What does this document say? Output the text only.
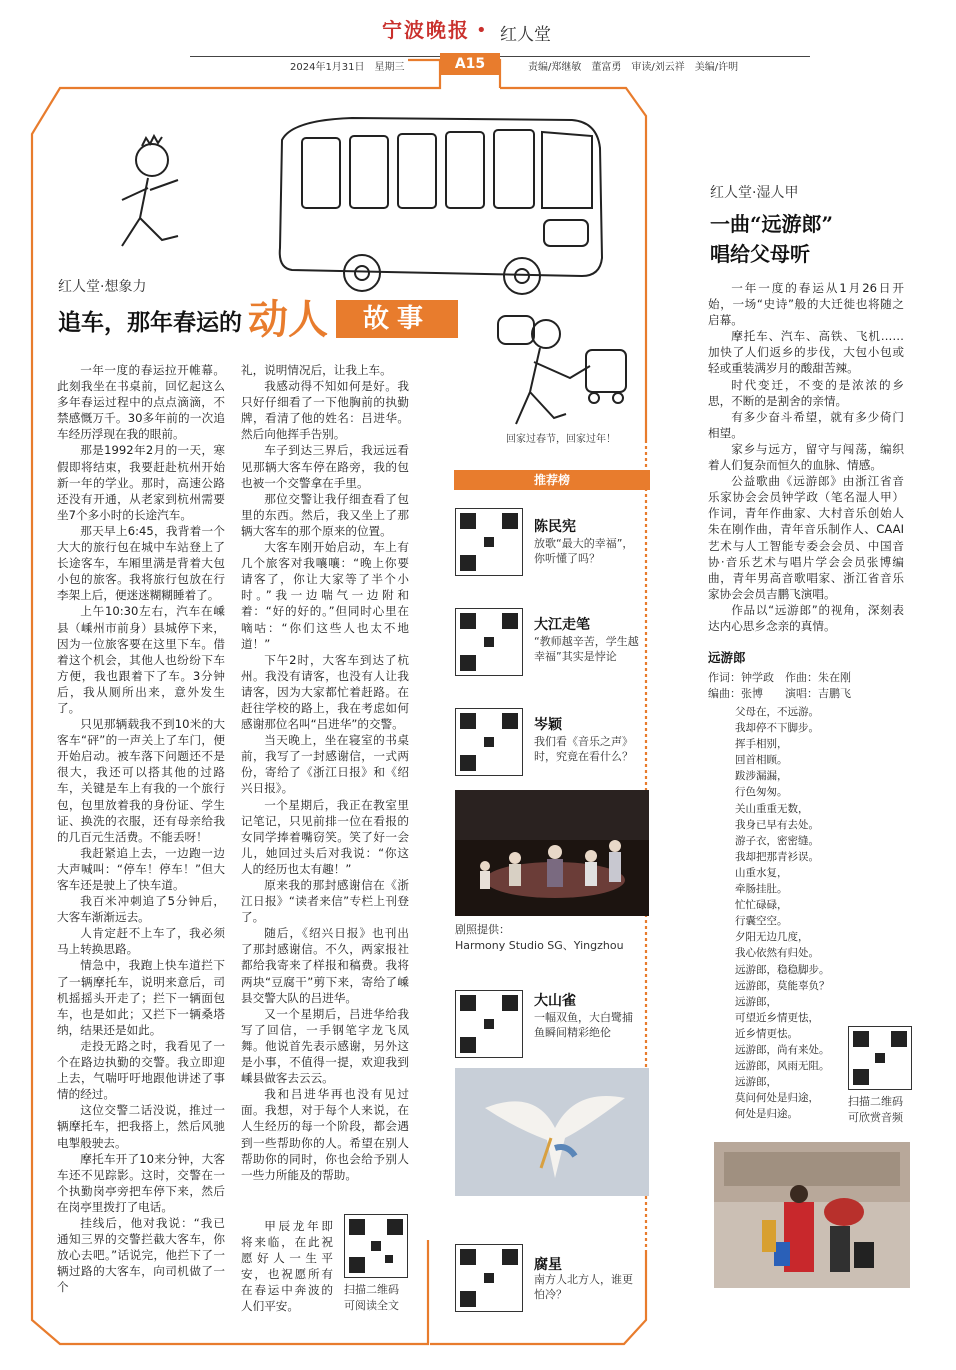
宁波晚报 • 红人堂
2024年1月31日　星期三	A15	责编/郑继敏　董富勇　审读/刘云祥　美编/许明
回家过春节，回家过年！
红人堂·想象力
追车，那年春运的 动人	故事

一年一度的春运拉开帷幕。此刻我坐在书桌前，回忆起这么多年春运过程中的点点滴滴，不禁感慨万千。30多年前的一次追车经历浮现在我的眼前。

那是1992年2月的一天，寒假即将结束，我要赶赴杭州开始新一年的学业。那时，高速公路还没有开通，从老家到杭州需要坐7个多小时的长途汽车。

那天早上6:45，我背着一个大大的旅行包在城中车站登上了长途客车，车厢里满是背着大包小包的旅客。我将旅行包放在行李架上后，便迷迷糊糊睡着了。

上午10:30左右，汽车在嵊县（嵊州市前身）县城停下来，因为一位旅客要在这里下车。借着这个机会，其他人也纷纷下车方便，我也跟着下了车。3分钟后，我从厕所出来，意外发生了。

只见那辆载我不到10米的大客车“砰”的一声关上了车门，便开始启动。被车落下问题还不是很大，我还可以搭其他的过路车，关键是车上有我的一个旅行包，包里放着我的身份证、学生证、换洗的衣服，还有母亲给我的几百元生活费。不能丢呀！

我赶紧追上去，一边跑一边大声喊叫：“停车！停车！”但大客车还是驶上了快车道。

我百米冲刺追了5分钟后，大客车渐渐远去。

人肯定赶不上车了，我必须马上转换思路。

情急中，我跑上快车道拦下了一辆摩托车，说明来意后，司机摇摇头开走了；拦下一辆面包车，也是如此；又拦下一辆桑塔纳，结果还是如此。

走投无路之时，我看见了一个在路边执勤的交警。我立即迎上去，气喘吁吁地跟他讲述了事情的经过。

这位交警二话没说，推过一辆摩托车，把我搭上，然后风驰电掣般驶去。

摩托车开了10来分钟，大客车还不见踪影。这时，交警在一个执勤岗亭旁把车停下来，然后在岗亭里拨打了电话。

挂线后，他对我说：“我已通知三界的交警拦截大客车，你放心去吧。”话说完，他拦下了一辆过路的大客车，向司机做了一个

礼，说明情况后，让我上车。

我感动得不知如何是好。我只好仔细看了一下他胸前的执勤牌，看清了他的姓名：吕进华。然后向他挥手告别。

车子到达三界后，我远远看见那辆大客车停在路旁，我的包也被一个交警拿在手里。

那位交警让我仔细查看了包里的东西。然后，我又坐上了那辆大客车的那个原来的位置。

大客车刚开始启动，车上有几个旅客对我嚷嚷：“晚上你要请客了，你让大家等了半个小时。”我一边喘气一边附和着：“好的好的。”但同时心里在嘀咕：“你们这些人也太不地道！”

下午2时，大客车到达了杭州。我没有请客，也没有人让我请客，因为大家都忙着赶路。在赶往学校的路上，我在考虑如何感谢那位名叫“吕进华”的交警。

当天晚上，坐在寝室的书桌前，我写了一封感谢信，一式两份，寄给了《浙江日报》和《绍兴日报》。

一个星期后，我正在教室里记笔记，只见前排一位在看报的女同学捧着嘴窃笑。笑了好一会儿，她回过头后对我说：“你这人的经历也太有趣！”

原来我的那封感谢信在《浙江日报》“读者来信”专栏上刊登了。

随后，《绍兴日报》也刊出了那封感谢信。不久，两家报社都给我寄来了样报和稿费。我将两块“豆腐干”剪下来，寄给了嵊县交警大队的吕进华。

又一个星期后，吕进华给我写了回信，一手钢笔字龙飞凤舞。他说首先表示感谢，另外这是小事，不值得一提，欢迎我到嵊县做客去云云。

我和吕进华再也没有见过面。我想，对于每个人来说，在人生经历的每一个阶段，都会遇到一些帮助你的人。希望在别人帮助你的同时，你也会给予别人一些力所能及的帮助。

甲辰龙年即将来临，在此祝愿好人一生平安，也祝愿所有在春运中奔波的人们平安。

扫描二维码
可阅读全文
推荐榜
陈民宪
放歌“最大的幸福”，你听懂了吗？
大江走笔
“教师越辛苦，学生越幸福”其实是悖论
岑颖
我们看《音乐之声》时，究竟在看什么？
剧照提供：
Harmony Studio SG、Yingzhou
大山雀
一幅双鱼，大白鹭捕鱼瞬间精彩绝伦
腐星
南方人北方人，谁更怕冷？
红人堂·湿人甲
一曲“远游郎”
唱给父母听

一年一度的春运从1月26日开始，一场“史诗”般的大迁徙也将随之启幕。

摩托车、汽车、高铁、飞机……加快了人们返乡的步伐，大包小包或轻或重装满岁月的酸甜苦辣。

时代变迁，不变的是浓浓的乡思，不断的是割舍的亲情。

有多少奋斗希望，就有多少倚门相望。

家乡与远方，留守与闯荡，编织着人们复杂而恒久的血脉、情感。

公益歌曲《远游郎》由浙江省音乐家协会会员钟学政（笔名湿人甲）作词，青年作曲家、大村音乐创始人朱在刚作曲，青年音乐制作人、CAAI艺术与人工智能专委会会员、中国音协·音乐艺术与唱片学会会员张博编曲，青年男高音歌唱家、浙江省音乐家协会会员吉鹏飞演唱。

作品以“远游郎”的视角，深刻表达内心思乡念亲的真情。

远游郎
作词：钟学政　作曲：朱在刚
编曲：张博　　演唱：吉鹏飞
父母在，不远游。
我却停不下脚步。
挥手相别，
回首相顾。
跋涉漏漏，
行色匆匆。
关山重重无数，
我身已早有去处。
游子衣，密密缝。
我却把那青衫误。
山重水复，
牵肠挂肚。
忙忙碌碌，
行囊空空。
夕阳无边几度，
我心依然有归处。
远游郎，稳稳脚步。
远游郎，莫能辜负？
远游郎，
可望近乡情更怯，
近乡情更怯。
远游郎，尚有来处。
远游郎，风雨无阻。
远游郎，
莫问何处是归途，
何处是归途。
扫描二维码
可欣赏音频
